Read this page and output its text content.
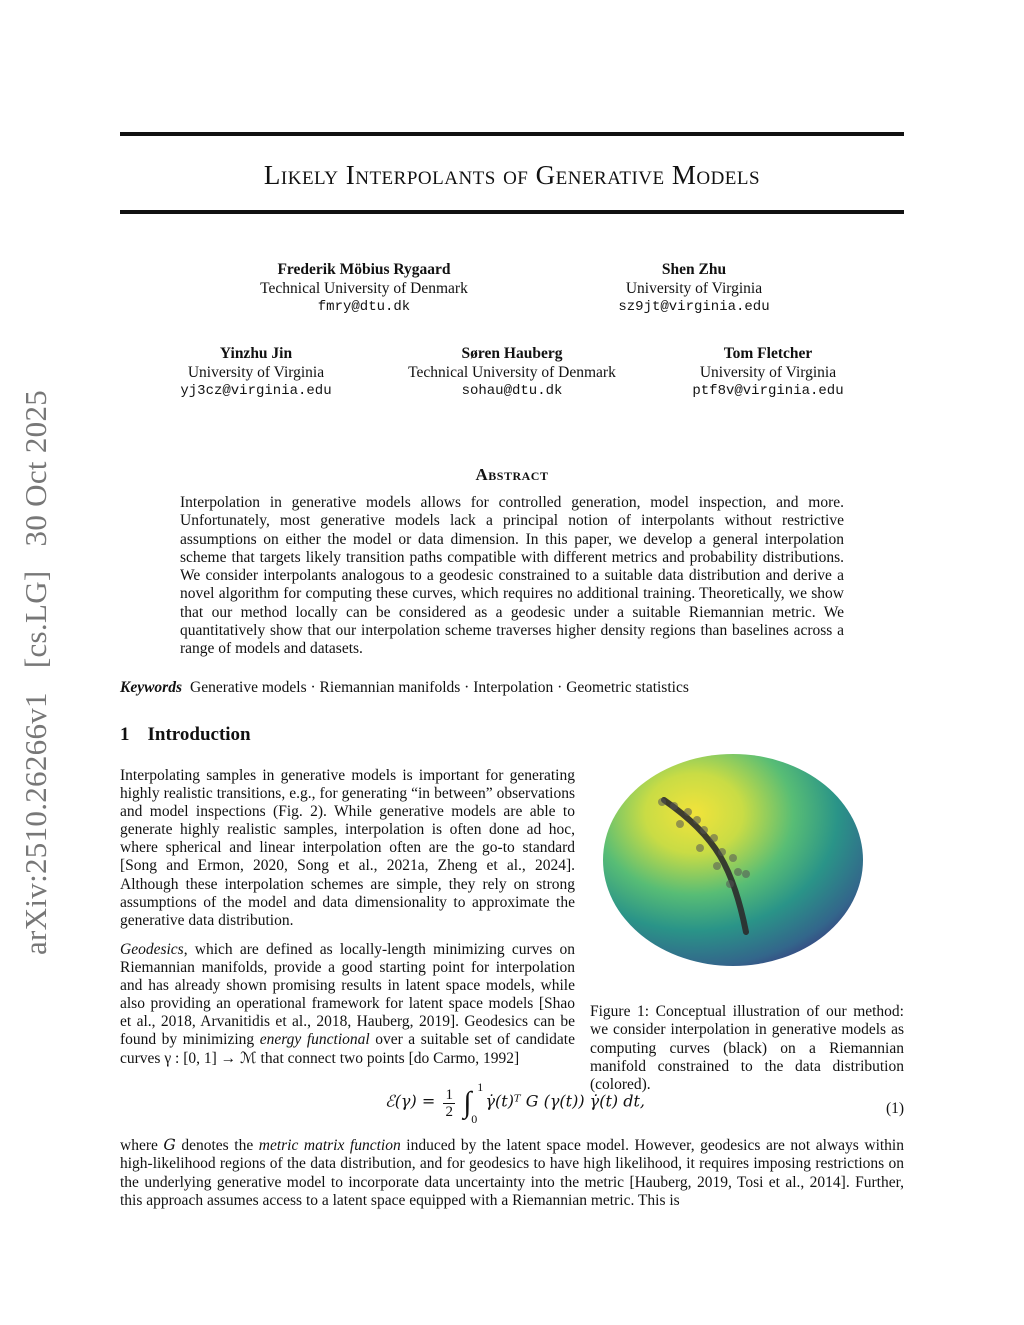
arXiv:2510.26266v1[cs.LG]30 Oct 2025
Likely Interpolants of Generative Models
Frederik Möbius Rygaard
Technical University of Denmark
fmry@dtu.dk
Shen Zhu
University of Virginia
sz9jt@virginia.edu
Yinzhu Jin
University of Virginia
yj3cz@virginia.edu
Søren Hauberg
Technical University of Denmark
sohau@dtu.dk
Tom Fletcher
University of Virginia
ptf8v@virginia.edu
Abstract
Interpolation in generative models allows for controlled generation, model inspection, and more. Unfortunately, most generative models lack a principal notion of interpolants without restrictive assumptions on either the model or data dimension. In this paper, we develop a general interpolation scheme that targets likely transition paths compatible with different metrics and probability distributions. We consider interpolants analogous to a geodesic constrained to a suitable data distribution and derive a novel algorithm for computing these curves, which requires no additional training. Theoretically, we show that our method locally can be considered as a geodesic under a suitable Riemannian metric. We quantitatively show that our interpolation scheme traverses higher density regions than baselines across a range of models and datasets.
Keywords Generative models · Riemannian manifolds · Interpolation · Geometric statistics
1 Introduction
Interpolating samples in generative models is important for generating highly realistic transitions, e.g., for generating “in between” observations and model inspections (Fig. 2). While generative models are able to generate highly realistic samples, interpolation is often done ad hoc, where spherical and linear interpolation often are the go-to standard [Song and Ermon, 2020, Song et al., 2021a, Zheng et al., 2024]. Although these interpolation schemes are simple, they rely on strong assumptions of the model and data dimensionality to approximate the generative data distribution.
Geodesics, which are defined as locally-length minimizing curves on Riemannian manifolds, provide a good starting point for interpolation and has already shown promising results in latent space models, while also providing an operational framework for latent space models [Shao et al., 2018, Arvanitidis et al., 2018, Hauberg, 2019]. Geodesics can be found by minimizing energy functional over a suitable set of candidate curves γ : [0, 1] → ℳ that connect two points [do Carmo, 1992]
Figure 1: Conceptual illustration of our method: we consider interpolation in generative models as computing curves (black) on a Riemannian manifold constrained to the data distribution (colored).
ℰ(γ) = $\frac{1}{2}$ ∫ 1
0
γ̇(t)ᵀ G (γ(t)) γ̇(t) dt,	(1)
where G denotes the metric matrix function induced by the latent space model. However, geodesics are not always within high-likelihood regions of the data distribution, and for geodesics to have high likelihood, it requires imposing restrictions on the underlying generative model to incorporate data uncertainty into the metric [Hauberg, 2019, Tosi et al., 2014]. Further, this approach assumes access to a latent space equipped with a Riemannian metric. This is
